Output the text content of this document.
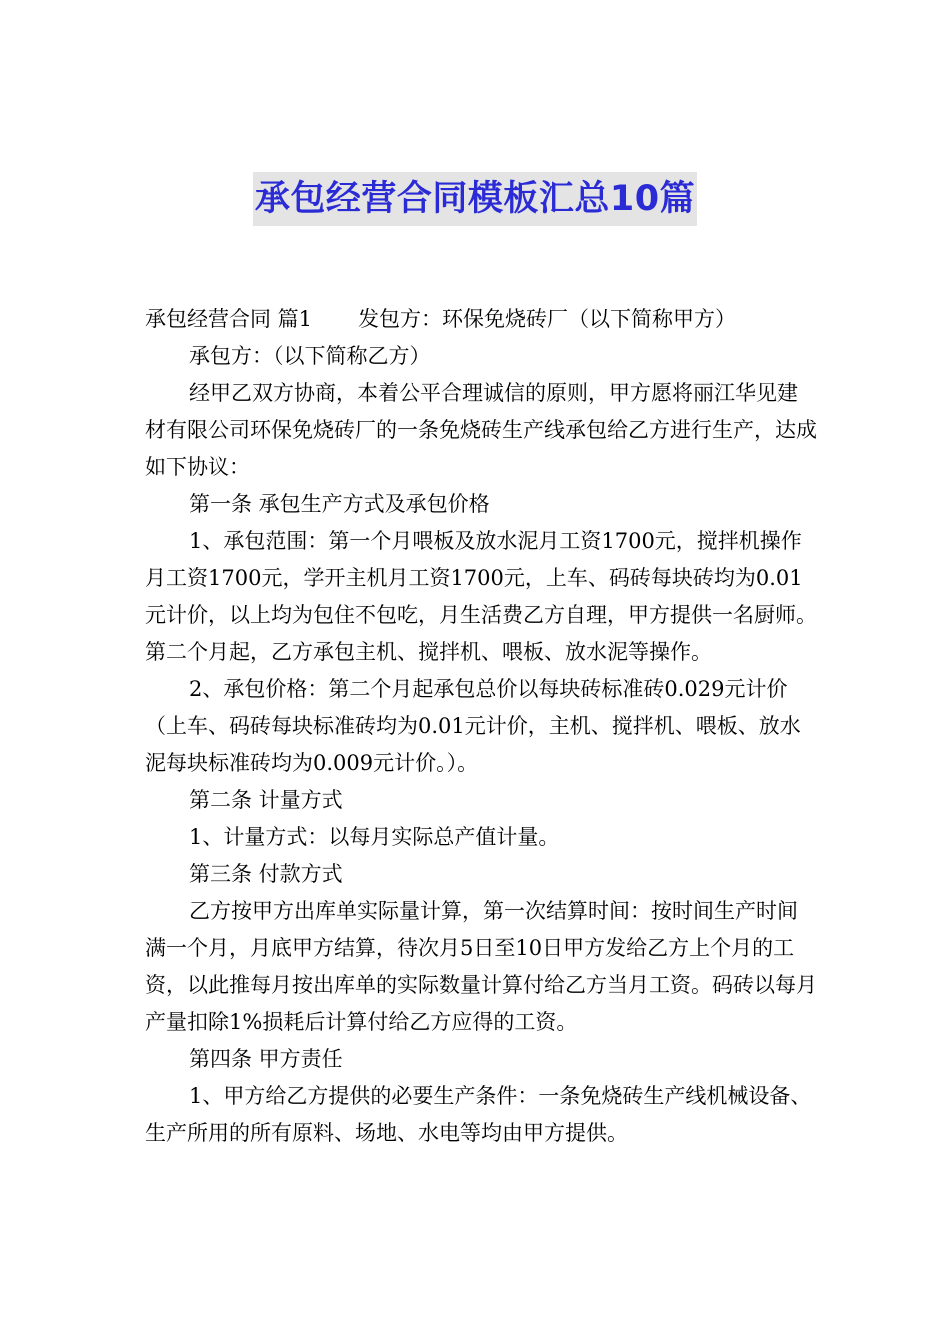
承包经营合同模板汇总10篇

承包经营合同 篇1 发包方：环保免烧砖厂（以下简称甲方）

承包方：（以下简称乙方）

经甲乙双方协商，本着公平合理诚信的原则，甲方愿将丽江华见建材有限公司环保免烧砖厂的一条免烧砖生产线承包给乙方进行生产，达成如下协议：

第一条 承包生产方式及承包价格

1、承包范围：第一个月喂板及放水泥月工资1700元，搅拌机操作月工资1700元，学开主机月工资1700元，上车、码砖每块砖均为0.01元计价，以上均为包住不包吃，月生活费乙方自理，甲方提供一名厨师。第二个月起，乙方承包主机、搅拌机、喂板、放水泥等操作。

2、承包价格：第二个月起承包总价以每块砖标准砖0.029元计价（上车、码砖每块标准砖均为0.01元计价，主机、搅拌机、喂板、放水泥每块标准砖均为0.009元计价。）。

第二条 计量方式

1、计量方式：以每月实际总产值计量。

第三条 付款方式

乙方按甲方出库单实际量计算，第一次结算时间：按时间生产时间满一个月，月底甲方结算，待次月5日至10日甲方发给乙方上个月的工资，以此推每月按出库单的实际数量计算付给乙方当月工资。码砖以每月产量扣除1%损耗后计算付给乙方应得的工资。

第四条 甲方责任

1、甲方给乙方提供的必要生产条件：一条免烧砖生产线机械设备、生产所用的所有原料、场地、水电等均由甲方提供。
